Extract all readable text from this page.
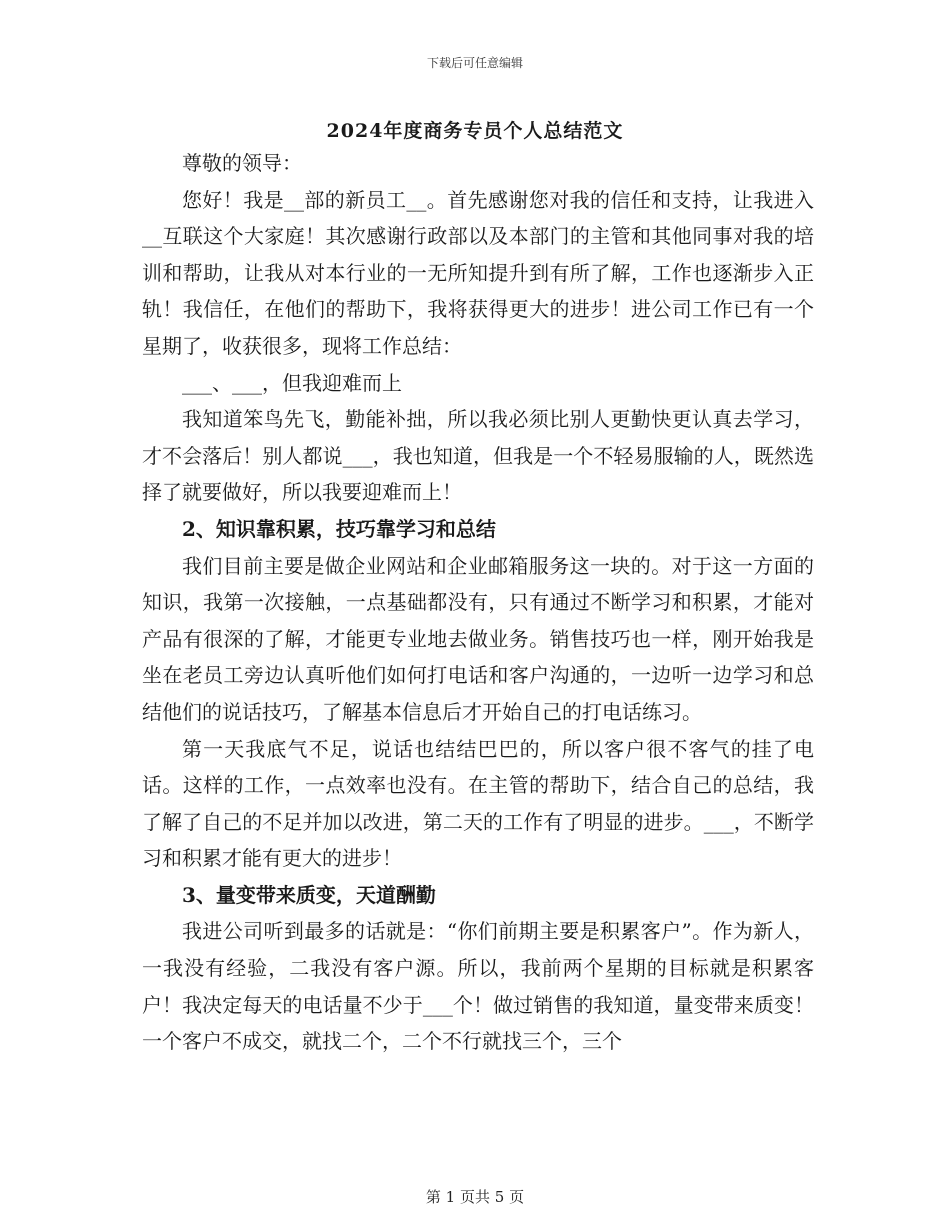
下载后可任意编辑
2024年度商务专员个人总结范文

尊敬的领导：

您好！我是__部的新员工__。首先感谢您对我的信任和支持，让我进入__互联这个大家庭！其次感谢行政部以及本部门的主管和其他同事对我的培训和帮助，让我从对本行业的一无所知提升到有所了解，工作也逐渐步入正轨！我信任，在他们的帮助下，我将获得更大的进步！进公司工作已有一个星期了，收获很多，现将工作总结：

___、___，但我迎难而上

我知道笨鸟先飞，勤能补拙，所以我必须比别人更勤快更认真去学习，才不会落后！别人都说___，我也知道，但我是一个不轻易服输的人，既然选择了就要做好，所以我要迎难而上！

2、知识靠积累，技巧靠学习和总结

我们目前主要是做企业网站和企业邮箱服务这一块的。对于这一方面的知识，我第一次接触，一点基础都没有，只有通过不断学习和积累，才能对产品有很深的了解，才能更专业地去做业务。销售技巧也一样，刚开始我是坐在老员工旁边认真听他们如何打电话和客户沟通的，一边听一边学习和总结他们的说话技巧，了解基本信息后才开始自己的打电话练习。

第一天我底气不足，说话也结结巴巴的，所以客户很不客气的挂了电话。这样的工作，一点效率也没有。在主管的帮助下，结合自己的总结，我了解了自己的不足并加以改进，第二天的工作有了明显的进步。___，不断学习和积累才能有更大的进步！

3、量变带来质变，天道酬勤

我进公司听到最多的话就是：“你们前期主要是积累客户”。作为新人，一我没有经验，二我没有客户源。所以，我前两个星期的目标就是积累客户！我决定每天的电话量不少于___个！做过销售的我知道，量变带来质变！一个客户不成交，就找二个，二个不行就找三个，三个

第 1 页共 5 页
